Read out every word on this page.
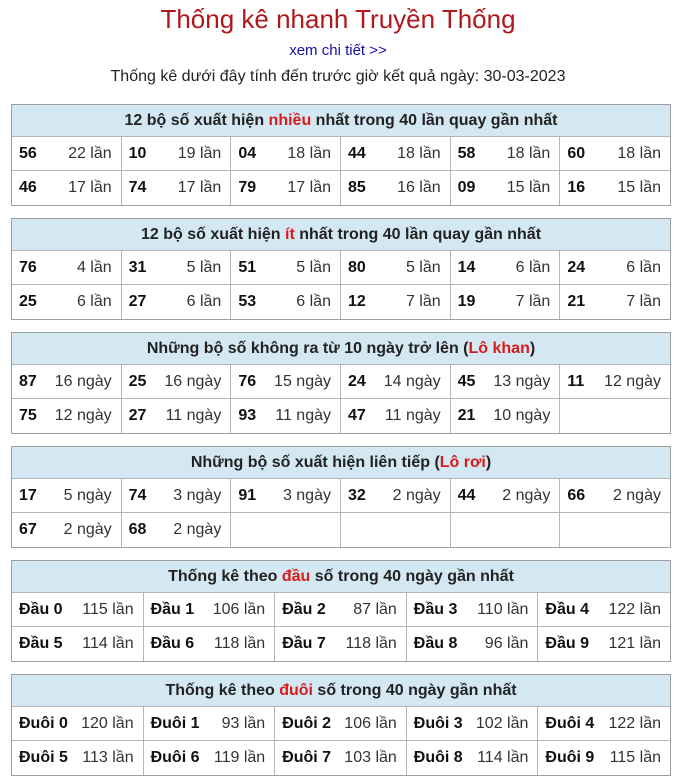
Thống kê nhanh Truyền Thống
xem chi tiết >>
Thống kê dưới đây tính đến trước giờ kết quả ngày: 30-03-2023
12 bộ số xuất hiện nhiều nhất trong 40 lần quay gần nhất
56 22 lần 10 19 lần 04 18 lần 44 18 lần 58 18 lần 60 18 lần
46 17 lần 74 17 lần 79 17 lần 85 16 lần 09 15 lần 16 15 lần
12 bộ số xuất hiện ít nhất trong 40 lần quay gần nhất
76	4 lần 31	5 lần 51	5 lần 80	5 lần 14	6 lần 24	6 lần
25	6 lần 27	6 lần 53	6 lần 12	7 lần 19	7 lần 21	7 lần
Những bộ số không ra từ 10 ngày trở lên (Lô khan)
87 16 ngày 25 16 ngày 76 15 ngày 24 14 ngày 45 13 ngày 11 12 ngày
75 12 ngày 27 11 ngày 93 11 ngày 47 11 ngày 21 10 ngày
Những bộ số xuất hiện liên tiếp (Lô rơi)
17 5 ngày 74 3 ngày 91 3 ngày 32 2 ngày 44 2 ngày 66 2 ngày
67 2 ngày 68 2 ngày
Thống kê theo đầu số trong 40 ngày gần nhất
Đầu 0 115 lần Đầu 1 106 lần Đầu 2 87 lần Đầu 3 110 lần Đầu 4 122 lần
Đầu 5 114 lần Đầu 6 118 lần Đầu 7 118 lần Đầu 8 96 lần Đầu 9 121 lần
Thống kê theo đuôi số trong 40 ngày gần nhất
Đuôi 0 120 lần Đuôi 1 93 lần Đuôi 2 106 lần Đuôi 3 102 lần Đuôi 4 122 lần
Đuôi 5 113 lần Đuôi 6 119 lần Đuôi 7 103 lần Đuôi 8 114 lần Đuôi 9 115 lần
